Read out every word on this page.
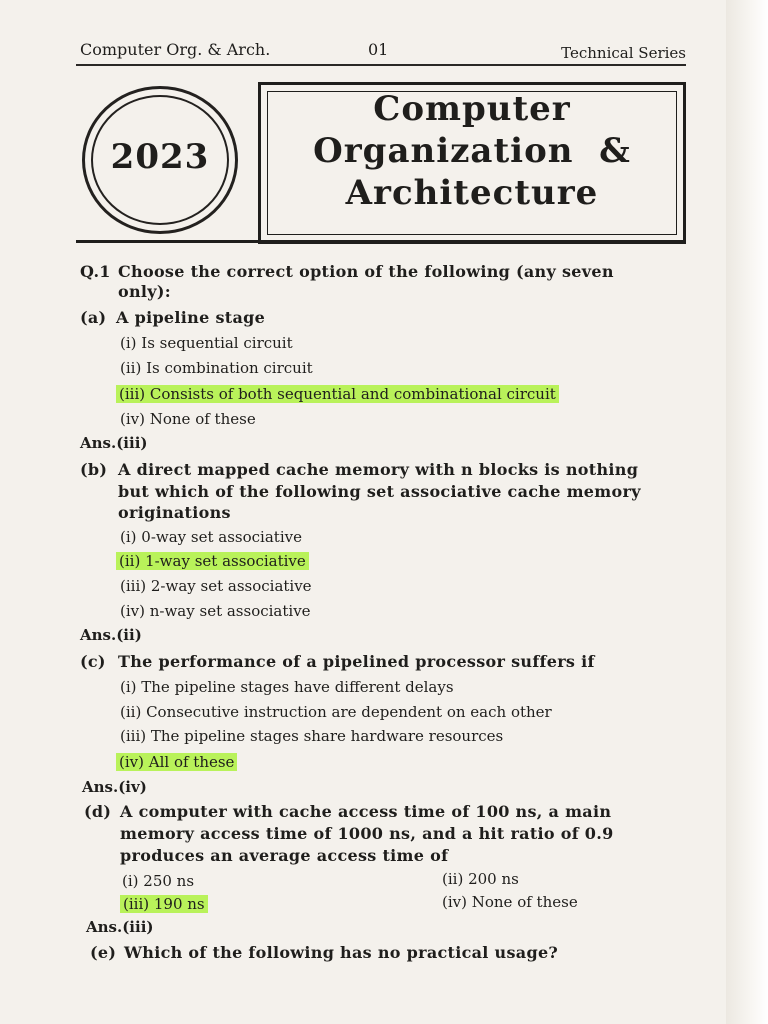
Computer Org. & Arch.	01	Technical Series
2023
Computer
Organization  &
Architecture
Q.1 Choose the correct option of the following (any seven
only):
(a) A pipeline stage
(i) Is sequential circuit
(ii) Is combination circuit
(iii) Consists of both sequential and combinational circuit
(iv) None of these
Ans.(iii)
(b) A direct mapped cache memory with n blocks is nothing
but which of the following set associative cache memory
originations
(i) 0-way set associative
(ii) 1-way set associative
(iii) 2-way set associative
(iv) n-way set associative
Ans.(ii)
(c) The performance of a pipelined processor suffers if
(i) The pipeline stages have different delays
(ii) Consecutive instruction are dependent on each other
(iii) The pipeline stages share hardware resources
(iv) All of these
Ans.(iv)
(d) A computer with cache access time of 100 ns, a main
memory access time of 1000 ns, and a hit ratio of 0.9
produces an average access time of
(i) 250 ns	(ii) 200 ns
(iii) 190 ns	(iv) None of these
Ans.(iii)
(e) Which of the following has no practical usage?
